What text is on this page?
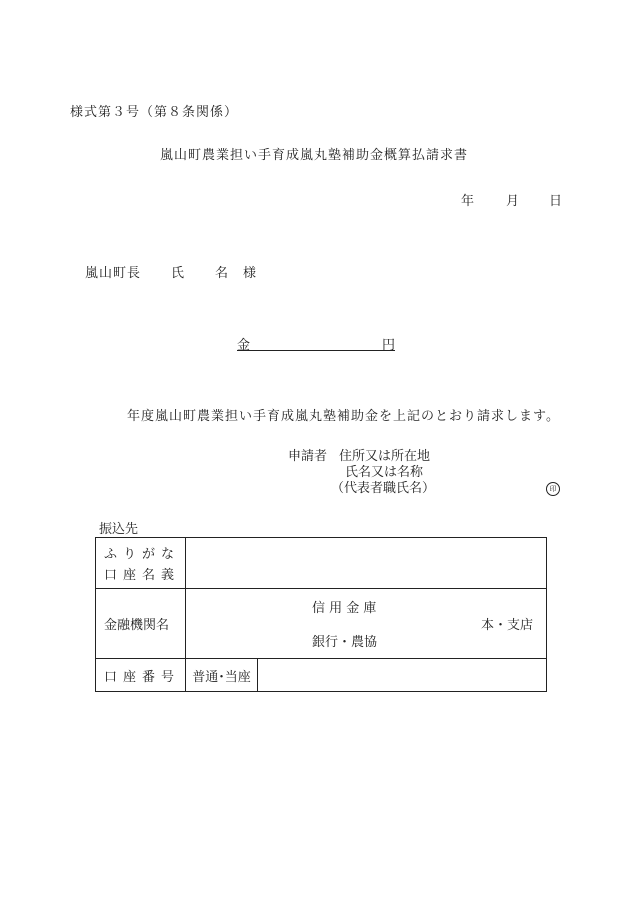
様式第３号（第８条関係）
嵐山町農業担い手育成嵐丸塾補助金概算払請求書
年 月 日
嵐山町長 氏 名 様
金	円
年度嵐山町農業担い手育成嵐丸塾補助金を上記のとおり請求します。
申請者 住所又は所在地
氏名又は名称
（代表者職氏名）	印
振込先
ふりがな
口座名義		

金融機関名	信 用 金 庫
本・支店
銀行・農協	

口座番号	普通･当座	
